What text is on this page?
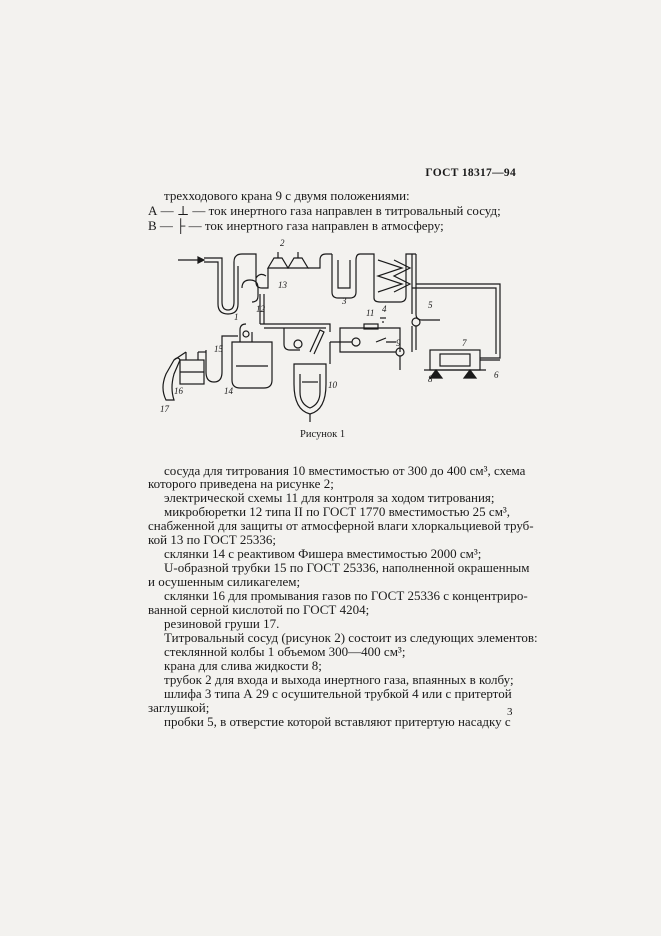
ГОСТ 18317—94
трехходового крана 9 с двумя положениями:
А — ⊥ — ток инертного газа направлен в титровальный сосуд;
В — ├ — ток инертного газа направлен в атмосферу;
1
2
3
4	5
6
7
8
9
10
11
12
13
14
15
16
17
Рисунок 1
сосуда для титрования 10 вместимостью от 300 до 400 см³, схема
которого приведена на рисунке 2;
электрической схемы 11 для контроля за ходом титрования;
микробюретки 12 типа II по ГОСТ 1770 вместимостью 25 см³,
снабженной для защиты от атмосферной влаги хлоркальциевой труб-
кой 13 по ГОСТ 25336;
склянки 14 с реактивом Фишера вместимостью 2000 см³;
U-образной трубки 15 по ГОСТ 25336, наполненной окрашенным
и осушенным силикагелем;
склянки 16 для промывания газов по ГОСТ 25336 с концентриро-
ванной серной кислотой по ГОСТ 4204;
резиновой груши 17.
Титровальный сосуд (рисунок 2) состоит из следующих элементов:
стеклянной колбы 1 объемом 300—400 см³;
крана для слива жидкости 8;
трубок 2 для входа и выхода инертного газа, впаянных в колбу;
шлифа 3 типа А 29 с осушительной трубкой 4 или с притертой
заглушкой;
пробки 5, в отверстие которой вставляют притертую насадку с
3
